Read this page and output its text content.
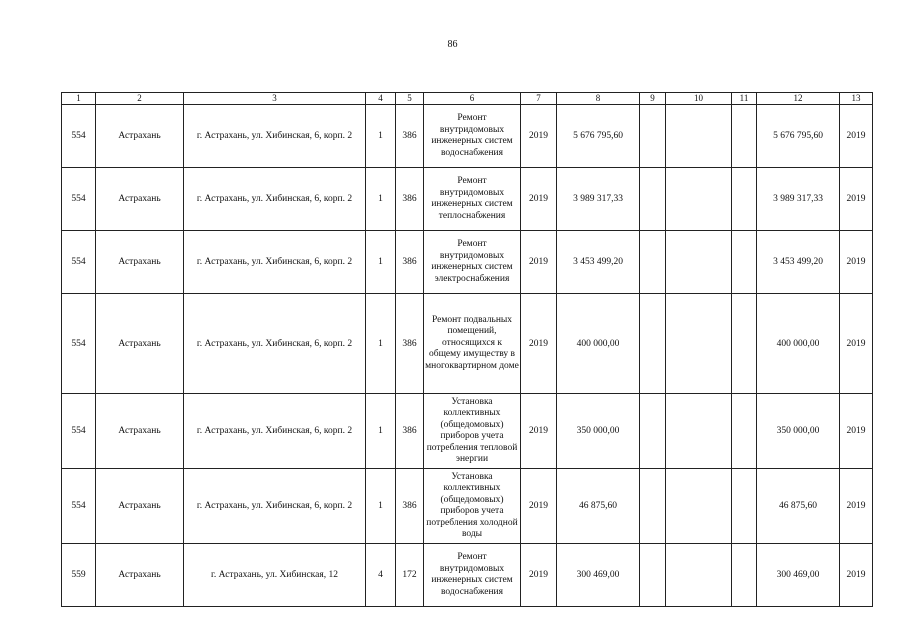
86
1	2	3	4	5	6	7	8	9	10	11	12	13
554	Астрахань	г. Астрахань, ул. Хибинская, 6, корп. 2	1	386	Ремонт внутридомовых инженерных систем водоснабжения	2019	5 676 795,60				5 676 795,60	2019
554	Астрахань	г. Астрахань, ул. Хибинская, 6, корп. 2	1	386	Ремонт внутридомовых инженерных систем теплоснабжения	2019	3 989 317,33				3 989 317,33	2019
554	Астрахань	г. Астрахань, ул. Хибинская, 6, корп. 2	1	386	Ремонт внутридомовых инженерных систем электроснабжения	2019	3 453 499,20				3 453 499,20	2019
554	Астрахань	г. Астрахань, ул. Хибинская, 6, корп. 2	1	386	Ремонт подвальных помещений, относящихся к общему имуществу в многоквартирном доме	2019	400 000,00				400 000,00	2019
554	Астрахань	г. Астрахань, ул. Хибинская, 6, корп. 2	1	386	Установка коллективных (общедомовых) приборов учета потребления тепловой энергии	2019	350 000,00				350 000,00	2019
554	Астрахань	г. Астрахань, ул. Хибинская, 6, корп. 2	1	386	Установка коллективных (общедомовых) приборов учета потребления холодной воды	2019	46 875,60				46 875,60	2019
559	Астрахань	г. Астрахань, ул. Хибинская, 12	4	172	Ремонт внутридомовых инженерных систем водоснабжения	2019	300 469,00				300 469,00	2019
